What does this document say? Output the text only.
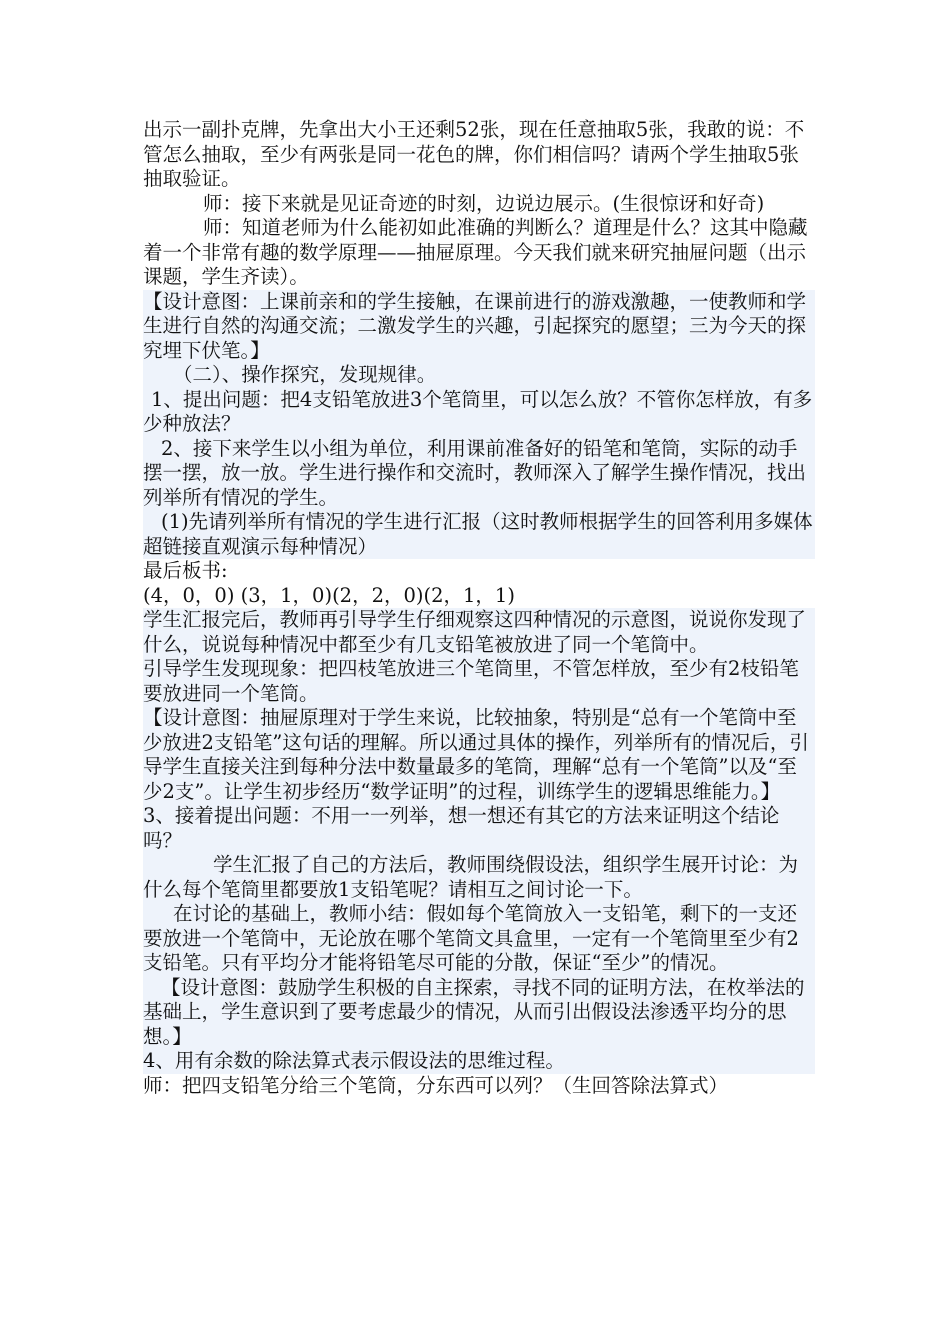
出示一副扑克牌，先拿出大小王还剩52张，现在任意抽取5张，我敢的说：不管怎么抽取，至少有两张是同一花色的牌，你们相信吗？请两个学生抽取5张抽取验证。

师：接下来就是见证奇迹的时刻，边说边展示。(生很惊讶和好奇)

师：知道老师为什么能初如此准确的判断么？道理是什么？这其中隐藏着一个非常有趣的数学原理——抽屉原理。今天我们就来研究抽屉问题（出示课题，学生齐读）。

【设计意图：上课前亲和的学生接触，在课前进行的游戏激趣，一使教师和学生进行自然的沟通交流；二激发学生的兴趣，引起探究的愿望；三为今天的探究埋下伏笔。】

（二）、操作探究，发现规律。

1、提出问题：把4支铅笔放进3个笔筒里，可以怎么放？不管你怎样放，有多少种放法？

2、接下来学生以小组为单位，利用课前准备好的铅笔和笔筒，实际的动手摆一摆，放一放。学生进行操作和交流时，教师深入了解学生操作情况，找出列举所有情况的学生。

(1)先请列举所有情况的学生进行汇报（这时教师根据学生的回答利用多媒体超链接直观演示每种情况）

最后板书:

(4，0，0) (3，1，0)(2，2，0)(2，1，1)

学生汇报完后，教师再引导学生仔细观察这四种情况的示意图，说说你发现了什么，说说每种情况中都至少有几支铅笔被放进了同一个笔筒中。

引导学生发现现象：把四枝笔放进三个笔筒里，不管怎样放，至少有2枝铅笔要放进同一个笔筒。

【设计意图：抽屉原理对于学生来说，比较抽象，特别是“总有一个笔筒中至少放进2支铅笔”这句话的理解。所以通过具体的操作，列举所有的情况后，引导学生直接关注到每种分法中数量最多的笔筒，理解“总有一个笔筒”以及“至少2支”。让学生初步经历“数学证明”的过程，训练学生的逻辑思维能力。】

3、接着提出问题：不用一一列举，想一想还有其它的方法来证明这个结论吗？

学生汇报了自己的方法后，教师围绕假设法，组织学生展开讨论：为什么每个笔筒里都要放1支铅笔呢？请相互之间讨论一下。

在讨论的基础上，教师小结：假如每个笔筒放入一支铅笔，剩下的一支还要放进一个笔筒中，无论放在哪个笔筒文具盒里，一定有一个笔筒里至少有2支铅笔。只有平均分才能将铅笔尽可能的分散，保证“至少”的情况。

【设计意图：鼓励学生积极的自主探索，寻找不同的证明方法，在枚举法的基础上，学生意识到了要考虑最少的情况，从而引出假设法渗透平均分的思想。】

4、用有余数的除法算式表示假设法的思维过程。

师：把四支铅笔分给三个笔筒，分东西可以列？（生回答除法算式）
